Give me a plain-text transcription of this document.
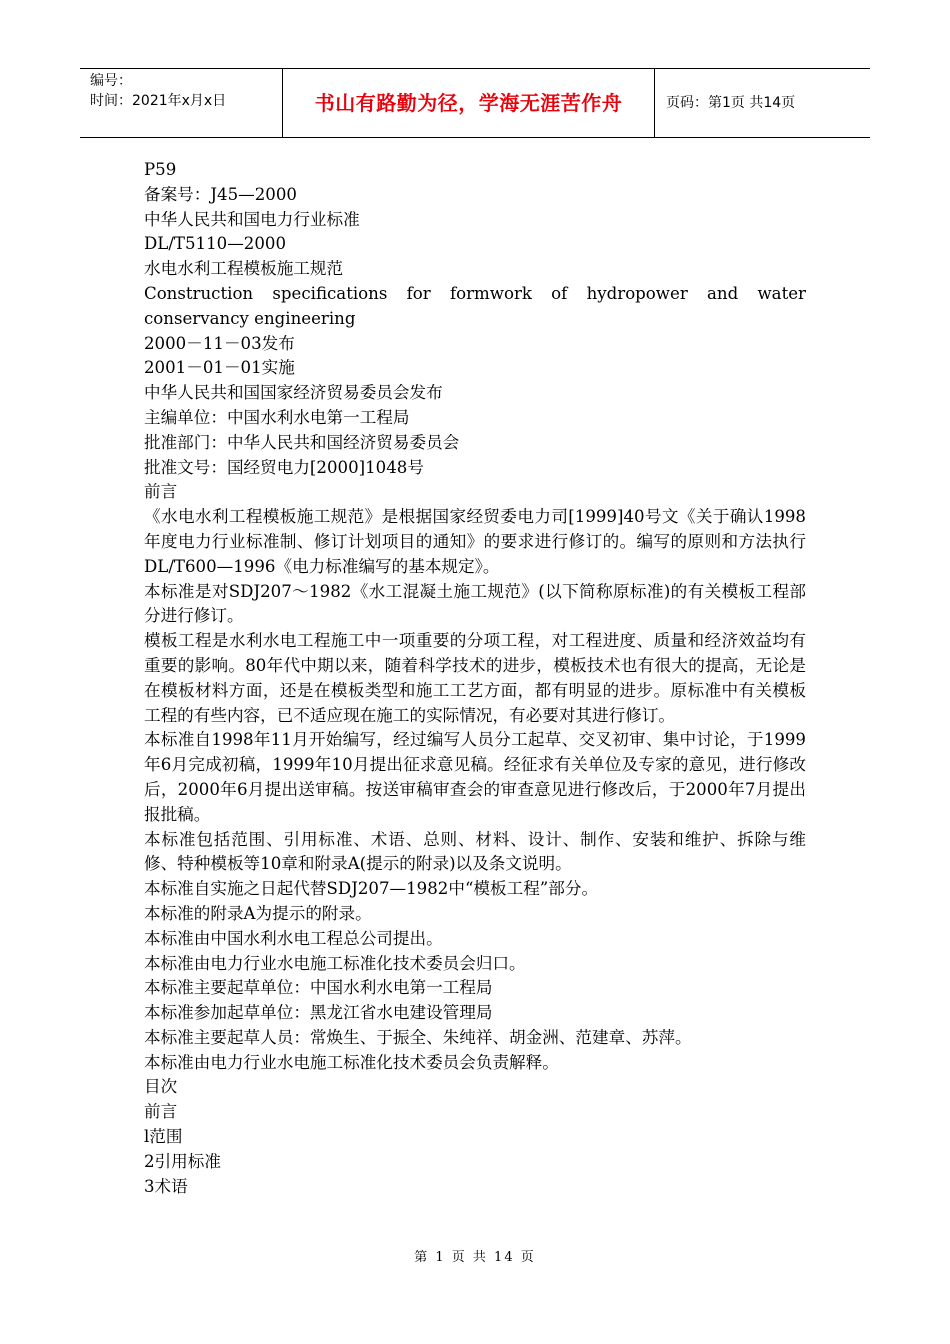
编号：
时间：2021年x月x日	书山有路勤为径，学海无涯苦作舟	页码：第1页 共14页

P59

备案号：J45—2000

中华人民共和国电力行业标准

DL/T5110—2000

水电水利工程模板施工规范

Construction specifications for formwork of hydropower and water conservancy engineering

2000－11－03发布

2001－01－01实施

中华人民共和国国家经济贸易委员会发布

主编单位：中国水利水电第一工程局

批准部门：中华人民共和国经济贸易委员会

批准文号：国经贸电力[2000]1048号

前言

《水电水利工程模板施工规范》是根据国家经贸委电力司[1999]40号文《关于确认1998年度电力行业标准制、修订计划项目的通知》的要求进行修订的。编写的原则和方法执行DL/T600—1996《电力标准编写的基本规定》。

本标准是对SDJ207～1982《水工混凝土施工规范》(以下简称原标准)的有关模板工程部分进行修订。

模板工程是水利水电工程施工中一项重要的分项工程，对工程进度、质量和经济效益均有重要的影响。80年代中期以来，随着科学技术的进步，模板技术也有很大的提高，无论是在模板材料方面，还是在模板类型和施工工艺方面，都有明显的进步。原标准中有关模板工程的有些内容，已不适应现在施工的实际情况，有必要对其进行修订。

本标准自1998年11月开始编写，经过编写人员分工起草、交叉初审、集中讨论，于1999年6月完成初稿，1999年10月提出征求意见稿。经征求有关单位及专家的意见，进行修改后，2000年6月提出送审稿。按送审稿审查会的审查意见进行修改后，于2000年7月提出报批稿。

本标准包括范围、引用标准、术语、总则、材料、设计、制作、安装和维护、拆除与维修、特种模板等10章和附录A(提示的附录)以及条文说明。

本标准自实施之日起代替SDJ207—1982中“模板工程”部分。

本标准的附录A为提示的附录。

本标准由中国水利水电工程总公司提出。

本标准由电力行业水电施工标准化技术委员会归口。

本标准主要起草单位：中国水利水电第一工程局

本标准参加起草单位：黑龙江省水电建设管理局

本标准主要起草人员：常焕生、于振全、朱纯祥、胡金洲、范建章、苏萍。

本标准由电力行业水电施工标准化技术委员会负责解释。

目次

前言

l范围

2引用标准

3术语

第 1 页 共 14 页
